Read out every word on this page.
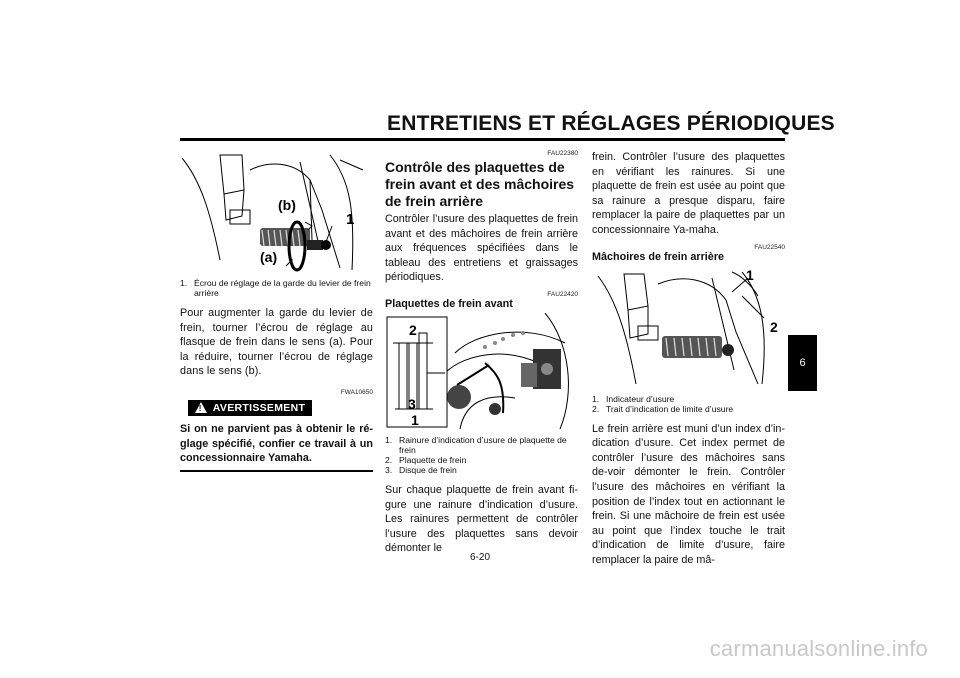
ENTRETIENS ET RÉGLAGES PÉRIODIQUES
(b)
(a)
1
1. Écrou de réglage de la garde du levier de frein arrière

Pour augmenter la garde du levier de frein, tourner l’écrou de réglage au flasque de frein dans le sens (a). Pour la réduire, tourner l’écrou de réglage dans le sens (b).

FWA10650
! AVERTISSEMENT
Si on ne parvient pas à obtenir le ré-glage spécifié, confier ce travail à un concessionnaire Yamaha.
FAU22380
Contrôle des plaquettes de frein avant et des mâchoires de frein arrière

Contrôler l’usure des plaquettes de frein avant et des mâchoires de frein arrière aux fréquences spécifiées dans le tableau des entretiens et graissages périodiques.

FAU22420
Plaquettes de frein avant
2
3
1
1. Rainure d’indication d’usure de plaquette de frein
2. Plaquette de frein
3. Disque de frein

Sur chaque plaquette de frein avant fi-gure une rainure d’indication d’usure. Les rainures permettent de contrôler l’usure des plaquettes sans devoir démonter le

frein. Contrôler l’usure des plaquettes en vérifiant les rainures. Si une plaquette de frein est usée au point que sa rainure a presque disparu, faire remplacer la paire de plaquettes par un concessionnaire Ya-maha.

FAU22540
Mâchoires de frein arrière
1
2
1. Indicateur d’usure
2. Trait d’indication de limite d’usure

Le frein arrière est muni d’un index d’in-dication d’usure. Cet index permet de contrôler l’usure des mâchoires sans de-voir démonter le frein. Contrôler l’usure des mâchoires en vérifiant la position de l’index tout en actionnant le frein. Si une mâchoire de frein est usée au point que l’index touche le trait d’indication de limite d’usure, faire remplacer la paire de mâ-

6
6-20
carmanualsonline.info
